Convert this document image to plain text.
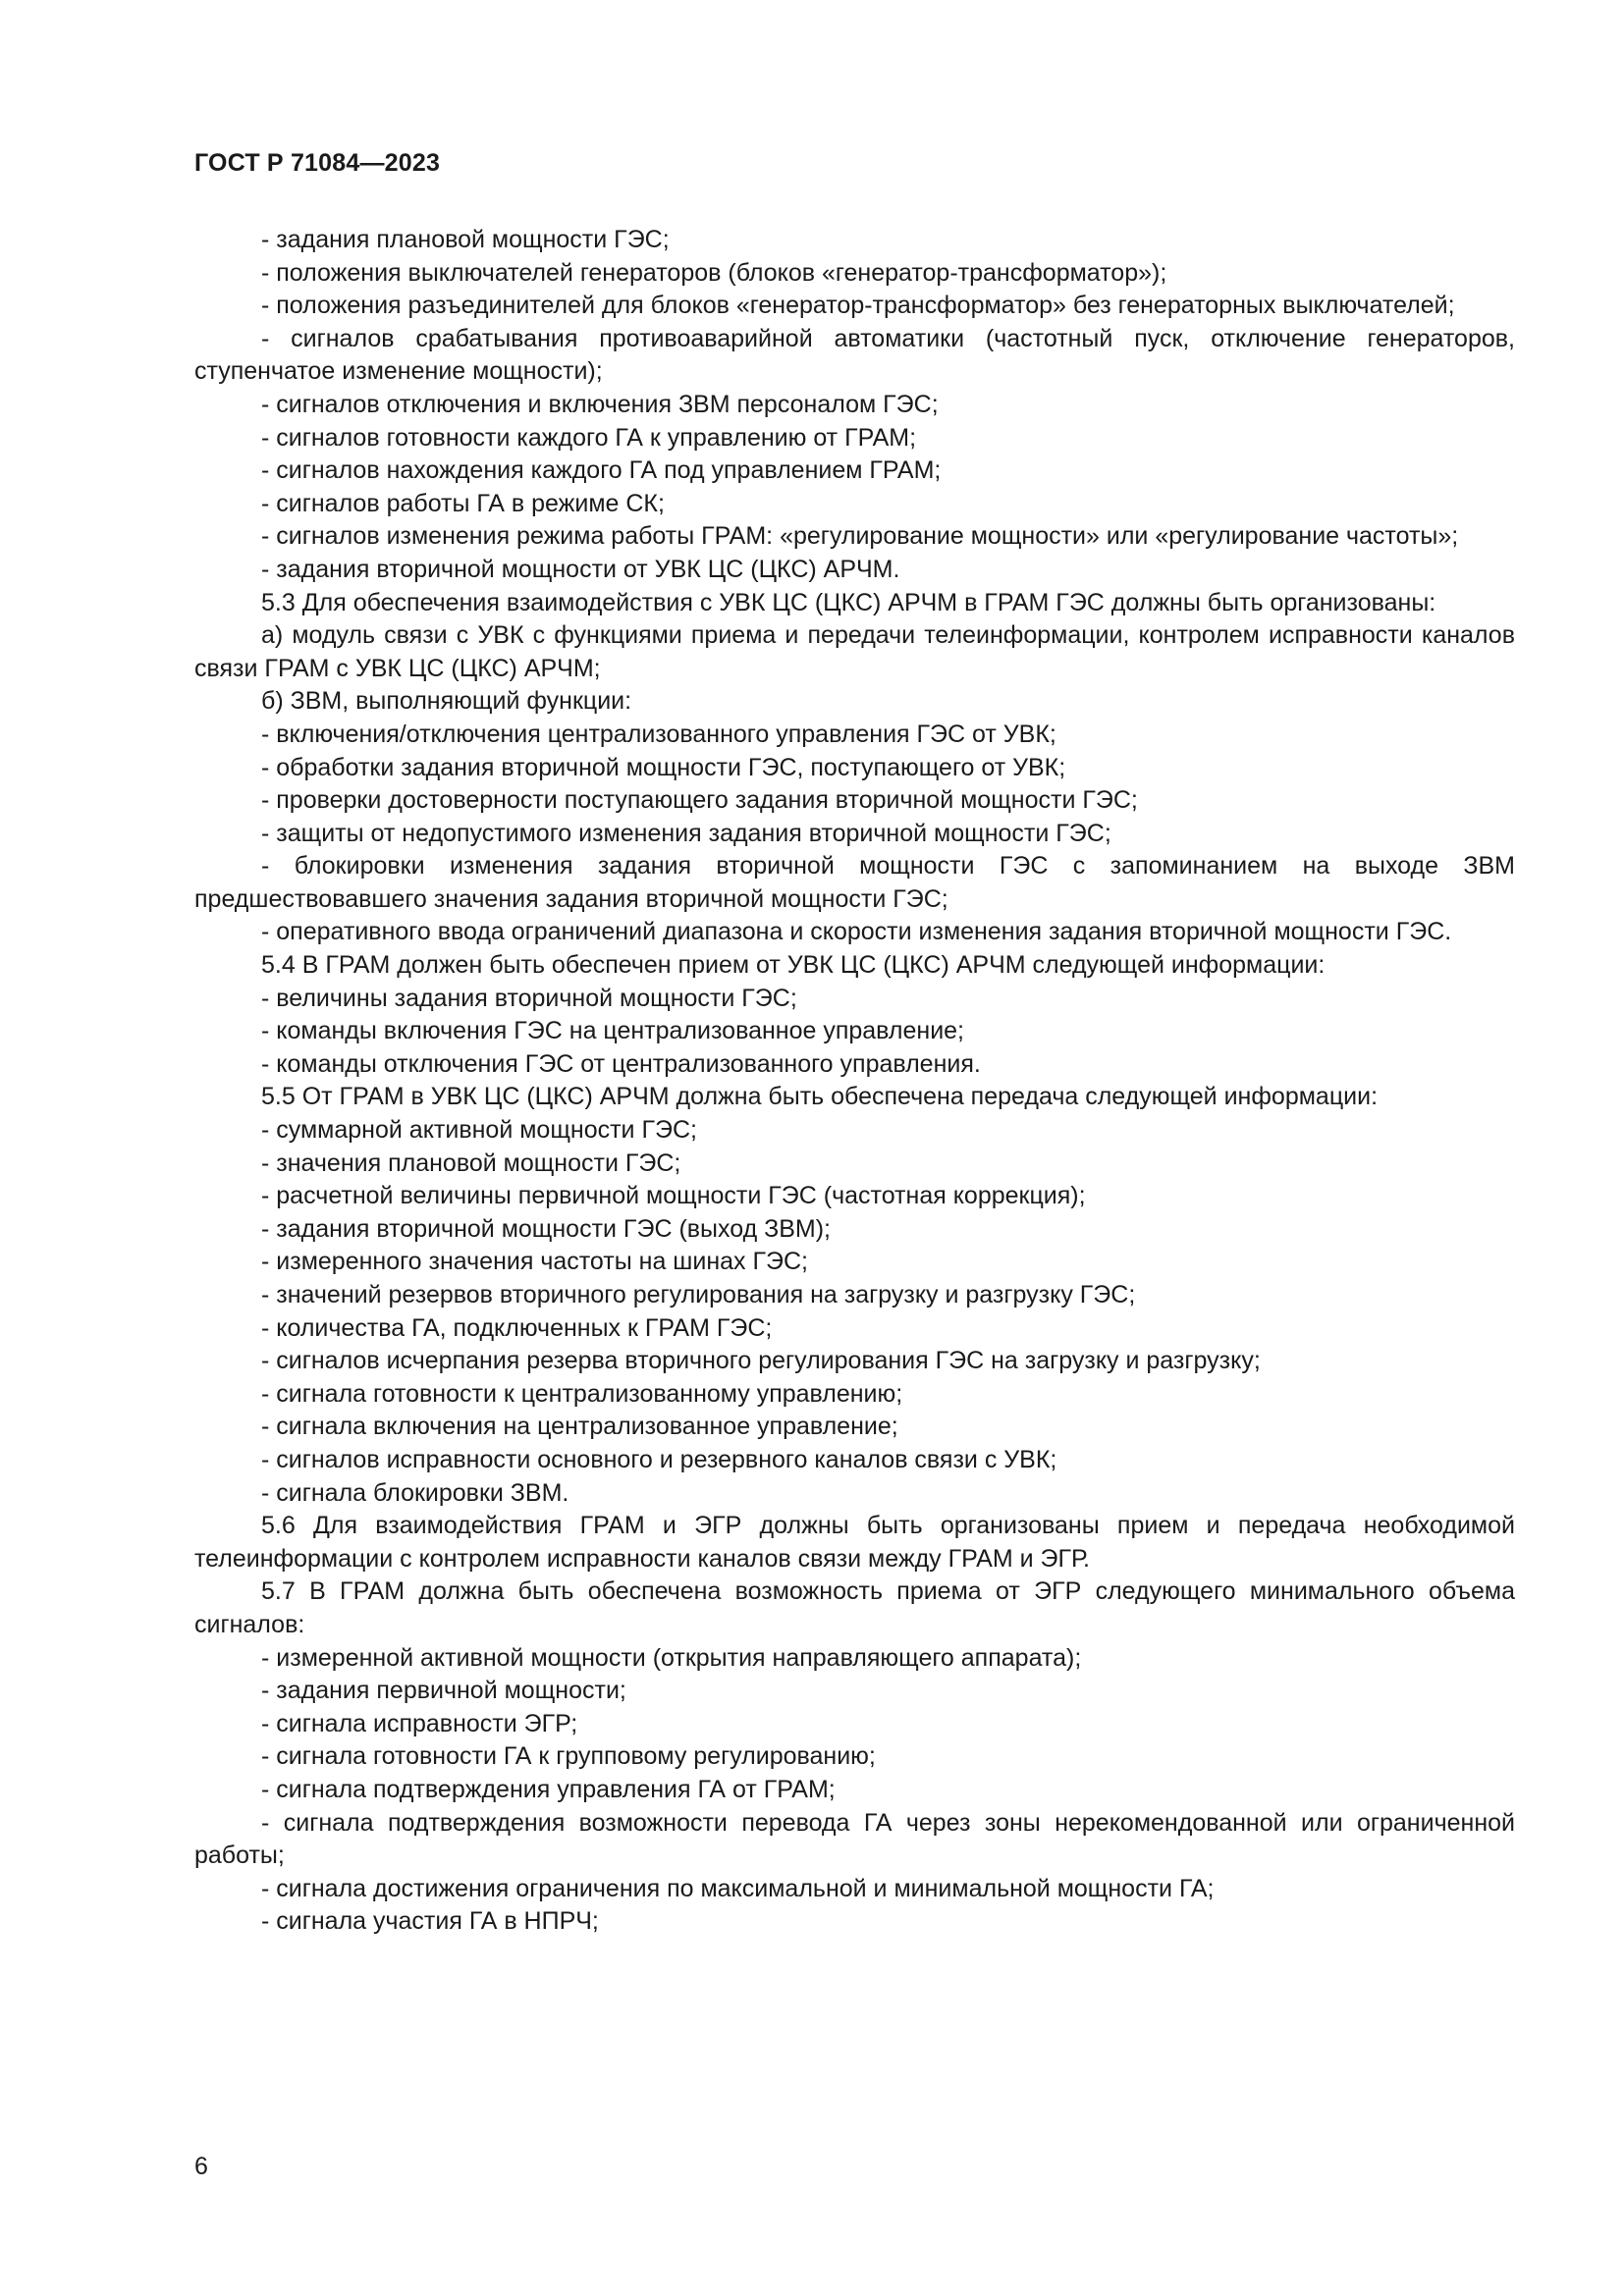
ГОСТ Р 71084—2023

- задания плановой мощности ГЭС;

- положения выключателей генераторов (блоков «генератор-трансформатор»);

- положения разъединителей для блоков «генератор-трансформатор» без генераторных выключателей;

- сигналов срабатывания противоаварийной автоматики (частотный пуск, отключение генераторов, ступенчатое изменение мощности);

- сигналов отключения и включения ЗВМ персоналом ГЭС;

- сигналов готовности каждого ГА к управлению от ГРАМ;

- сигналов нахождения каждого ГА под управлением ГРАМ;

- сигналов работы ГА в режиме СК;

- сигналов изменения режима работы ГРАМ: «регулирование мощности» или «регулирование частоты»;

- задания вторичной мощности от УВК ЦС (ЦКС) АРЧМ.

5.3 Для обеспечения взаимодействия с УВК ЦС (ЦКС) АРЧМ в ГРАМ ГЭС должны быть организованы:

а) модуль связи с УВК с функциями приема и передачи телеинформации, контролем исправности каналов связи ГРАМ с УВК ЦС (ЦКС) АРЧМ;

б) ЗВМ, выполняющий функции:

- включения/отключения централизованного управления ГЭС от УВК;

- обработки задания вторичной мощности ГЭС, поступающего от УВК;

- проверки достоверности поступающего задания вторичной мощности ГЭС;

- защиты от недопустимого изменения задания вторичной мощности ГЭС;

- блокировки изменения задания вторичной мощности ГЭС с запоминанием на выходе ЗВМ предшествовавшего значения задания вторичной мощности ГЭС;

- оперативного ввода ограничений диапазона и скорости изменения задания вторичной мощности ГЭС.

5.4 В ГРАМ должен быть обеспечен прием от УВК ЦС (ЦКС) АРЧМ следующей информации:

- величины задания вторичной мощности ГЭС;

- команды включения ГЭС на централизованное управление;

- команды отключения ГЭС от централизованного управления.

5.5 От ГРАМ в УВК ЦС (ЦКС) АРЧМ должна быть обеспечена передача следующей информации:

- суммарной активной мощности ГЭС;

- значения плановой мощности ГЭС;

- расчетной величины первичной мощности ГЭС (частотная коррекция);

- задания вторичной мощности ГЭС (выход ЗВМ);

- измеренного значения частоты на шинах ГЭС;

- значений резервов вторичного регулирования на загрузку и разгрузку ГЭС;

- количества ГА, подключенных к ГРАМ ГЭС;

- сигналов исчерпания резерва вторичного регулирования ГЭС на загрузку и разгрузку;

- сигнала готовности к централизованному управлению;

- сигнала включения на централизованное управление;

- сигналов исправности основного и резервного каналов связи с УВК;

- сигнала блокировки ЗВМ.

5.6 Для взаимодействия ГРАМ и ЭГР должны быть организованы прием и передача необходимой телеинформации с контролем исправности каналов связи между ГРАМ и ЭГР.

5.7 В ГРАМ должна быть обеспечена возможность приема от ЭГР следующего минимального объема сигналов:

- измеренной активной мощности (открытия направляющего аппарата);

- задания первичной мощности;

- сигнала исправности ЭГР;

- сигнала готовности ГА к групповому регулированию;

- сигнала подтверждения управления ГА от ГРАМ;

- сигнала подтверждения возможности перевода ГА через зоны нерекомендованной или ограниченной работы;

- сигнала достижения ограничения по максимальной и минимальной мощности ГА;

- сигнала участия ГА в НПРЧ;

6
